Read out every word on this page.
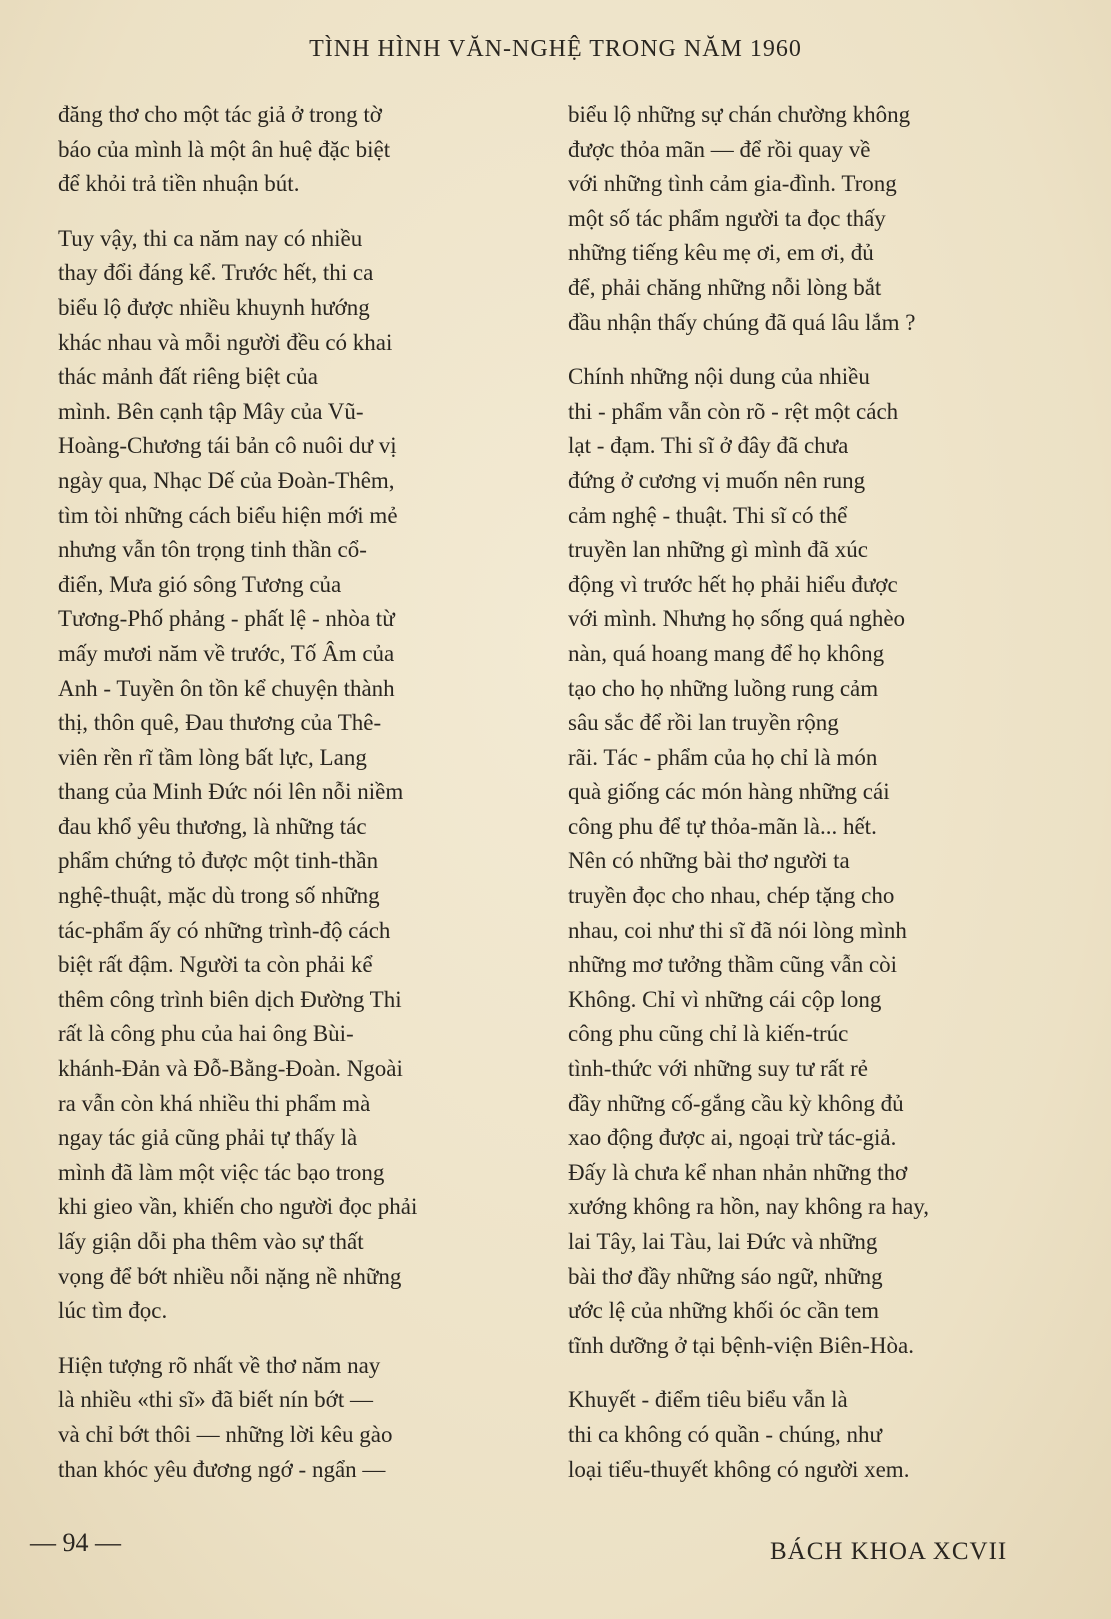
TÌNH HÌNH VĂN-NGHỆ TRONG NĂM 1960
đăng thơ cho một tác giả ở trong tờ
báo của mình là một ân huệ đặc biệt
để khỏi trả tiền nhuận bút.
Tuy vậy, thi ca năm nay có nhiều
thay đổi đáng kể. Trước hết, thi ca
biểu lộ được nhiều khuynh hướng
khác nhau và mỗi người đều có khai
thác mảnh đất riêng biệt của
mình. Bên cạnh tập Mây của Vũ-
Hoàng-Chương tái bản cô nuôi dư vị
ngày qua, Nhạc Dế của Đoàn-Thêm,
tìm tòi những cách biểu hiện mới mẻ
nhưng vẫn tôn trọng tinh thần cổ-
điển, Mưa gió sông Tương của
Tương-Phố phảng - phất lệ - nhòa từ
mấy mươi năm về trước, Tố Âm của
Anh - Tuyền ôn tồn kể chuyện thành
thị, thôn quê, Đau thương của Thê-
viên rền rĩ tầm lòng bất lực, Lang
thang của Minh Đức nói lên nỗi niềm
đau khổ yêu thương, là những tác
phẩm chứng tỏ được một tinh-thần
nghệ-thuật, mặc dù trong số những
tác-phẩm ấy có những trình-độ cách
biệt rất đậm. Người ta còn phải kể
thêm công trình biên dịch Đường Thi
rất là công phu của hai ông Bùi-
khánh-Đản và Đỗ-Bằng-Đoàn. Ngoài
ra vẫn còn khá nhiều thi phẩm mà
ngay tác giả cũng phải tự thấy là
mình đã làm một việc tác bạo trong
khi gieo vần, khiến cho người đọc phải
lấy giận dỗi pha thêm vào sự thất
vọng để bớt nhiều nỗi nặng nề những
lúc tìm đọc.
Hiện tượng rõ nhất về thơ năm nay
là nhiều «thi sĩ» đã biết nín bớt —
và chỉ bớt thôi — những lời kêu gào
than khóc yêu đương ngớ - ngẩn —
biểu lộ những sự chán chường không
được thỏa mãn — để rồi quay về
với những tình cảm gia-đình. Trong
một số tác phẩm người ta đọc thấy
những tiếng kêu mẹ ơi, em ơi, đủ
để, phải chăng những nỗi lòng bắt
đầu nhận thấy chúng đã quá lâu lắm ?
Chính những nội dung của nhiều
thi - phẩm vẫn còn rõ - rệt một cách
lạt - đạm. Thi sĩ ở đây đã chưa
đứng ở cương vị muốn nên rung
cảm nghệ - thuật. Thi sĩ có thể
truyền lan những gì mình đã xúc
động vì trước hết họ phải hiểu được
với mình. Nhưng họ sống quá nghèo
nàn, quá hoang mang để họ không
tạo cho họ những luồng rung cảm
sâu sắc để rồi lan truyền rộng
rãi. Tác - phẩm của họ chỉ là món
quà giống các món hàng những cái
công phu để tự thỏa-mãn là... hết.
Nên có những bài thơ người ta
truyền đọc cho nhau, chép tặng cho
nhau, coi như thi sĩ đã nói lòng mình
những mơ tưởng thầm cũng vẫn còi
Không. Chỉ vì những cái cộp long
công phu cũng chỉ là kiến-trúc
tình-thức với những suy tư rất rẻ
đầy những cố-gắng cầu kỳ không đủ
xao động được ai, ngoại trừ tác-giả.
Đấy là chưa kể nhan nhản những thơ
xướng không ra hồn, nay không ra hay,
lai Tây, lai Tàu, lai Đức và những
bài thơ đầy những sáo ngữ, những
ước lệ của những khối óc cần tem
tĩnh dưỡng ở tại bệnh-viện Biên-Hòa.
Khuyết - điểm tiêu biểu vẫn là
thi ca không có quần - chúng, như
loại tiểu-thuyết không có người xem.
— 94 —	BÁCH KHOA XCVII
